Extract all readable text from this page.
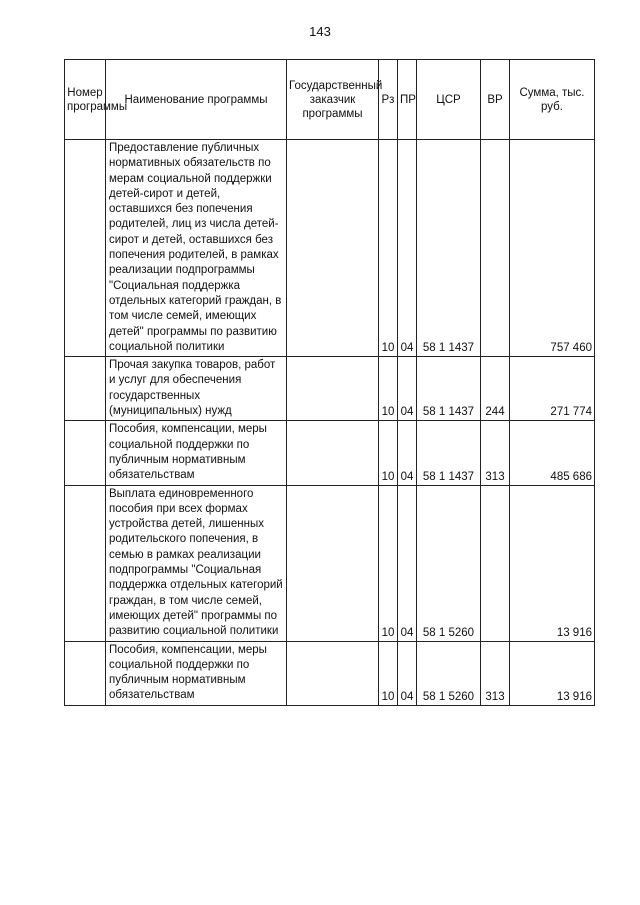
143
Номер программы	Наименование программы	Государственный заказчик программы	Рз	ПР	ЦСР	ВР	Сумма, тыс. руб.
	Предоставление публичных нормативных обязательств по мерам социальной поддержки детей-сирот и детей, оставшихся без попечения родителей, лиц из числа детей-сирот и детей, оставшихся без попечения родителей, в рамках реализации подпрограммы "Социальная поддержка отдельных категорий граждан, в том числе семей, имеющих детей" программы по развитию социальной политики		10	04	58 1 1437		757 460
	Прочая закупка товаров, работ и услуг для обеспечения государственных (муниципальных) нужд		10	04	58 1 1437	244	271 774
	Пособия, компенсации, меры социальной поддержки по публичным нормативным обязательствам		10	04	58 1 1437	313	485 686
	Выплата единовременного пособия при всех формах устройства детей, лишенных родительского попечения, в семью в рамках реализации подпрограммы "Социальная поддержка отдельных категорий граждан, в том числе семей, имеющих детей" программы по развитию социальной политики		10	04	58 1 5260		13 916
	Пособия, компенсации, меры социальной поддержки по публичным нормативным обязательствам		10	04	58 1 5260	313	13 916
